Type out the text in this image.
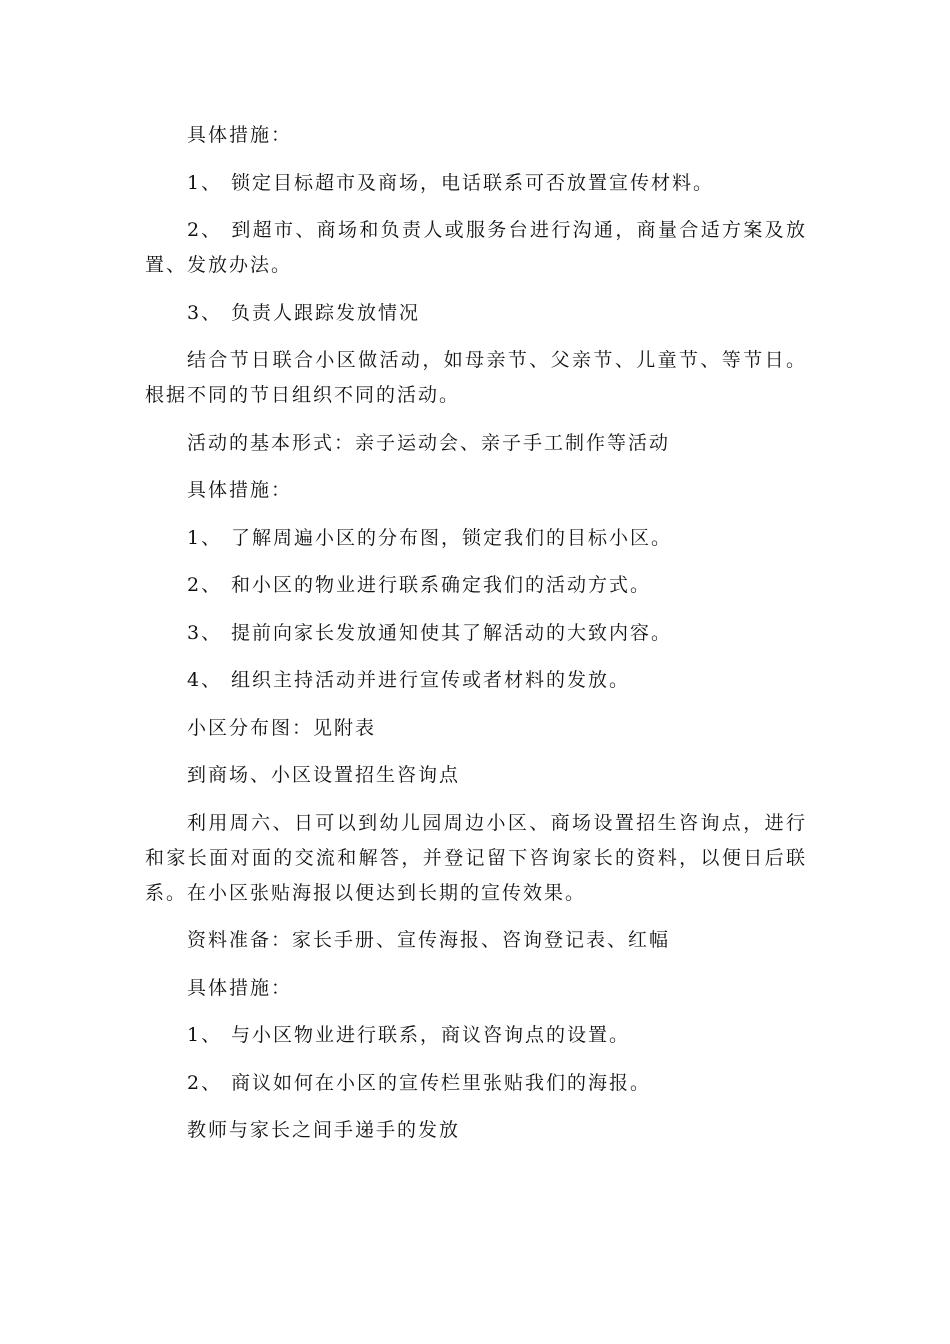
具体措施：

1、 锁定目标超市及商场，电话联系可否放置宣传材料。

2、 到超市、商场和负责人或服务台进行沟通，商量合适方案及放置、发放办法。

3、 负责人跟踪发放情况

结合节日联合小区做活动，如母亲节、父亲节、儿童节、等节日。根据不同的节日组织不同的活动。

活动的基本形式：亲子运动会、亲子手工制作等活动

具体措施：

1、 了解周遍小区的分布图，锁定我们的目标小区。

2、 和小区的物业进行联系确定我们的活动方式。

3、 提前向家长发放通知使其了解活动的大致内容。

4、 组织主持活动并进行宣传或者材料的发放。

小区分布图：见附表

到商场、小区设置招生咨询点

利用周六、日可以到幼儿园周边小区、商场设置招生咨询点，进行和家长面对面的交流和解答，并登记留下咨询家长的资料，以便日后联系。在小区张贴海报以便达到长期的宣传效果。

资料准备：家长手册、宣传海报、咨询登记表、红幅

具体措施：

1、 与小区物业进行联系，商议咨询点的设置。

2、 商议如何在小区的宣传栏里张贴我们的海报。

教师与家长之间手递手的发放
